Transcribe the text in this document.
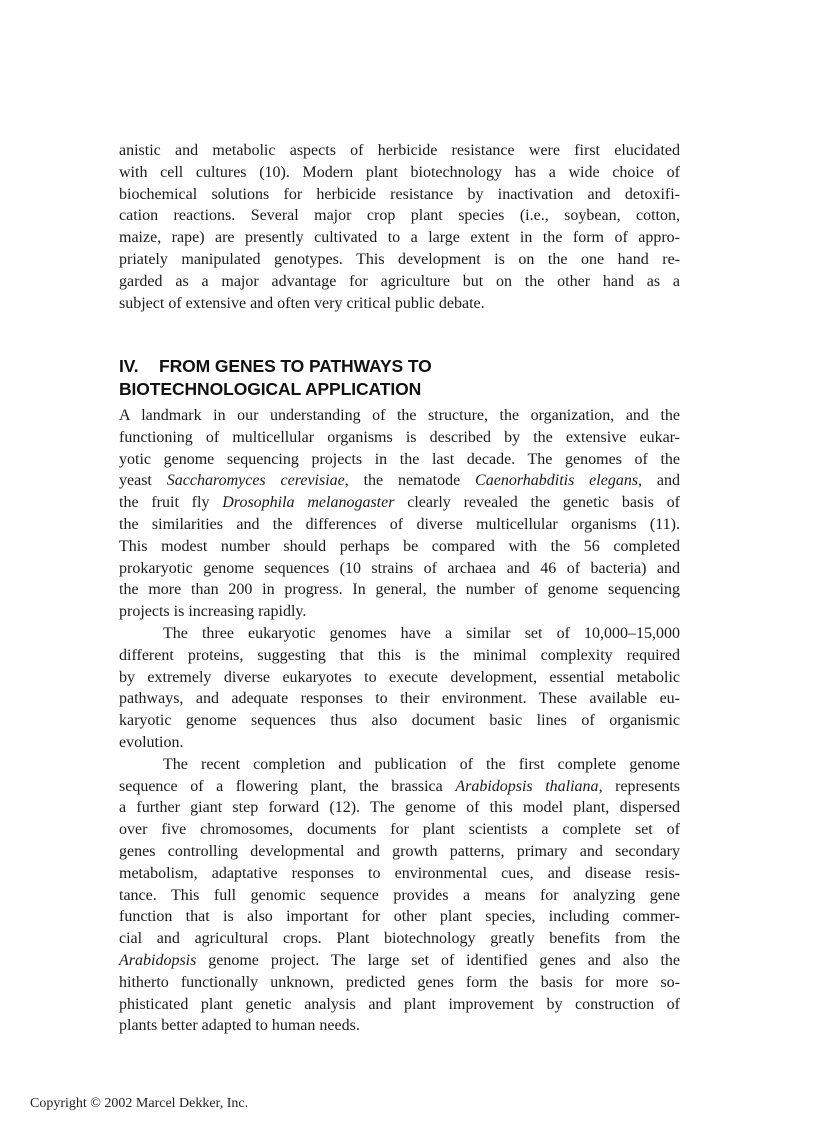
anistic and metabolic aspects of herbicide resistance were first elucidated
with cell cultures (10). Modern plant biotechnology has a wide choice of
biochemical solutions for herbicide resistance by inactivation and detoxifi-
cation reactions. Several major crop plant species (i.e., soybean, cotton,
maize, rape) are presently cultivated to a large extent in the form of appro-
priately manipulated genotypes. This development is on the one hand re-
garded as a major advantage for agriculture but on the other hand as a
subject of extensive and often very critical public debate.
IV. FROM GENES TO PATHWAYS TO
BIOTECHNOLOGICAL APPLICATION
A landmark in our understanding of the structure, the organization, and the
functioning of multicellular organisms is described by the extensive eukar-
yotic genome sequencing projects in the last decade. The genomes of the
yeast Saccharomyces cerevisiae, the nematode Caenorhabditis elegans, and
the fruit fly Drosophila melanogaster clearly revealed the genetic basis of
the similarities and the differences of diverse multicellular organisms (11).
This modest number should perhaps be compared with the 56 completed
prokaryotic genome sequences (10 strains of archaea and 46 of bacteria) and
the more than 200 in progress. In general, the number of genome sequencing
projects is increasing rapidly.
The three eukaryotic genomes have a similar set of 10,000–15,000
different proteins, suggesting that this is the minimal complexity required
by extremely diverse eukaryotes to execute development, essential metabolic
pathways, and adequate responses to their environment. These available eu-
karyotic genome sequences thus also document basic lines of organismic
evolution.
The recent completion and publication of the first complete genome
sequence of a flowering plant, the brassica Arabidopsis thaliana, represents
a further giant step forward (12). The genome of this model plant, dispersed
over five chromosomes, documents for plant scientists a complete set of
genes controlling developmental and growth patterns, primary and secondary
metabolism, adaptative responses to environmental cues, and disease resis-
tance. This full genomic sequence provides a means for analyzing gene
function that is also important for other plant species, including commer-
cial and agricultural crops. Plant biotechnology greatly benefits from the
Arabidopsis genome project. The large set of identified genes and also the
hitherto functionally unknown, predicted genes form the basis for more so-
phisticated plant genetic analysis and plant improvement by construction of
plants better adapted to human needs.
Copyright © 2002 Marcel Dekker, Inc.
